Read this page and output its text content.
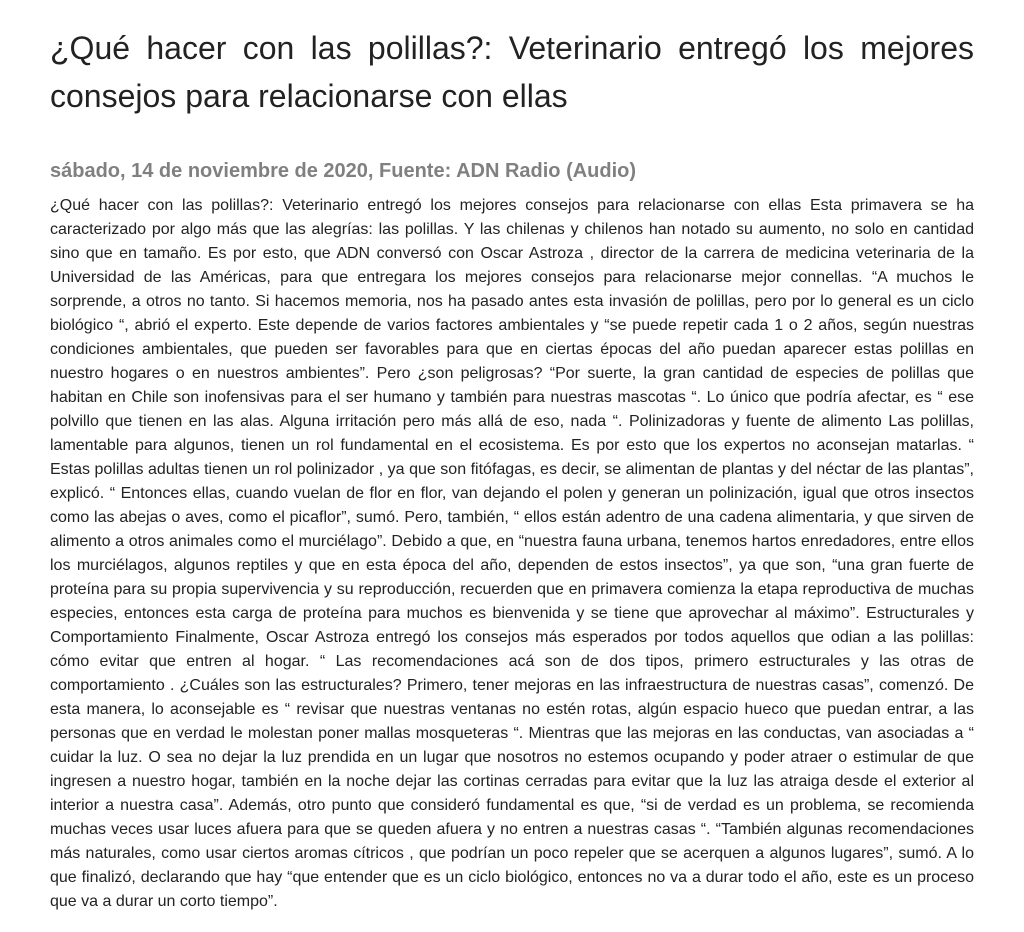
¿Qué hacer con las polillas?: Veterinario entregó los mejores consejos para relacionarse con ellas
sábado, 14 de noviembre de 2020, Fuente: ADN Radio (Audio)

¿Qué hacer con las polillas?: Veterinario entregó los mejores consejos para relacionarse con ellas Esta primavera se ha caracterizado por algo más que las alegrías: las polillas. Y las chilenas y chilenos han notado su aumento, no solo en cantidad sino que en tamaño. Es por esto, que ADN conversó con Oscar Astroza , director de la carrera de medicina veterinaria de la Universidad de las Américas, para que entregara los mejores consejos para relacionarse mejor connellas. “A muchos le sorprende, a otros no tanto. Si hacemos memoria, nos ha pasado antes esta invasión de polillas, pero por lo general es un ciclo biológico “, abrió el experto. Este depende de varios factores ambientales y “se puede repetir cada 1 o 2 años, según nuestras condiciones ambientales, que pueden ser favorables para que en ciertas épocas del año puedan aparecer estas polillas en nuestro hogares o en nuestros ambientes”. Pero ¿son peligrosas? “Por suerte, la gran cantidad de especies de polillas que habitan en Chile son inofensivas para el ser humano y también para nuestras mascotas “. Lo único que podría afectar, es “ ese polvillo que tienen en las alas. Alguna irritación pero más allá de eso, nada “. Polinizadoras y fuente de alimento Las polillas, lamentable para algunos, tienen un rol fundamental en el ecosistema. Es por esto que los expertos no aconsejan matarlas. “ Estas polillas adultas tienen un rol polinizador , ya que son fitófagas, es decir, se alimentan de plantas y del néctar de las plantas”, explicó. “ Entonces ellas, cuando vuelan de flor en flor, van dejando el polen y generan un polinización, igual que otros insectos como las abejas o aves, como el picaflor”, sumó. Pero, también, “ ellos están adentro de una cadena alimentaria, y que sirven de alimento a otros animales como el murciélago”. Debido a que, en “nuestra fauna urbana, tenemos hartos enredadores, entre ellos los murciélagos, algunos reptiles y que en esta época del año, dependen de estos insectos”, ya que son, “una gran fuerte de proteína para su propia supervivencia y su reproducción, recuerden que en primavera comienza la etapa reproductiva de muchas especies, entonces esta carga de proteína para muchos es bienvenida y se tiene que aprovechar al máximo”. Estructurales y Comportamiento Finalmente, Oscar Astroza entregó los consejos más esperados por todos aquellos que odian a las polillas: cómo evitar que entren al hogar. “ Las recomendaciones acá son de dos tipos, primero estructurales y las otras de comportamiento . ¿Cuáles son las estructurales? Primero, tener mejoras en las infraestructura de nuestras casas”, comenzó. De esta manera, lo aconsejable es “ revisar que nuestras ventanas no estén rotas, algún espacio hueco que puedan entrar, a las personas que en verdad le molestan poner mallas mosqueteras “. Mientras que las mejoras en las conductas, van asociadas a “ cuidar la luz. O sea no dejar la luz prendida en un lugar que nosotros no estemos ocupando y poder atraer o estimular de que ingresen a nuestro hogar, también en la noche dejar las cortinas cerradas para evitar que la luz las atraiga desde el exterior al interior a nuestra casa”. Además, otro punto que consideró fundamental es que, “si de verdad es un problema, se recomienda muchas veces usar luces afuera para que se queden afuera y no entren a nuestras casas “. “También algunas recomendaciones más naturales, como usar ciertos aromas cítricos , que podrían un poco repeler que se acerquen a algunos lugares”, sumó. A lo que finalizó, declarando que hay “que entender que es un ciclo biológico, entonces no va a durar todo el año, este es un proceso que va a durar un corto tiempo”.
